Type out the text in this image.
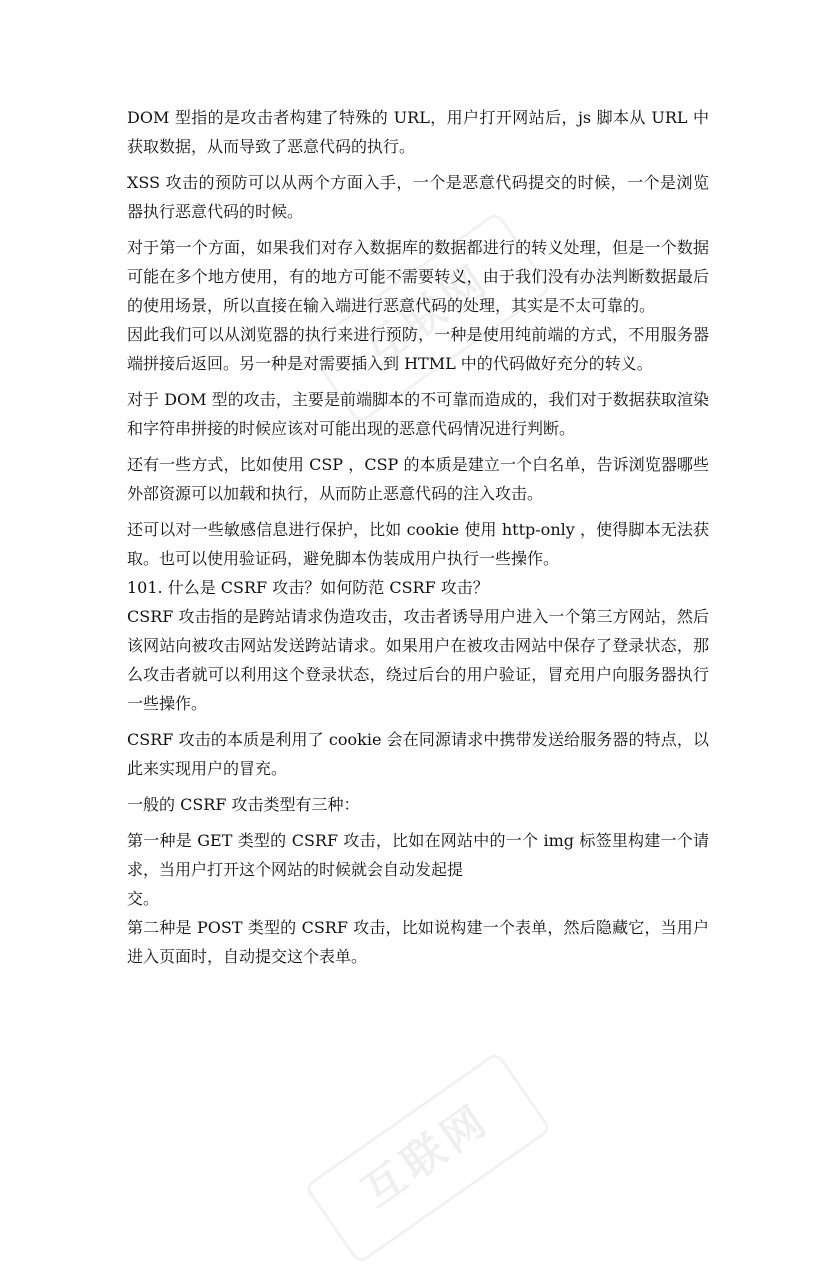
互联网
互联网

DOM 型指的是攻击者构建了特殊的 URL，用户打开网站后，js 脚本从 URL 中获取数据，从而导致了恶意代码的执行。

XSS 攻击的预防可以从两个方面入手，一个是恶意代码提交的时候，一个是浏览器执行恶意代码的时候。

对于第一个方面，如果我们对存入数据库的数据都进行的转义处理，但是一个数据可能在多个地方使用，有的地方可能不需要转义，由于我们没有办法判断数据最后的使用场景，所以直接在输入端进行恶意代码的处理，其实是不太可靠的。

因此我们可以从浏览器的执行来进行预防，一种是使用纯前端的方式，不用服务器端拼接后返回。另一种是对需要插入到 HTML 中的代码做好充分的转义。

对于 DOM 型的攻击，主要是前端脚本的不可靠而造成的，我们对于数据获取渲染和字符串拼接的时候应该对可能出现的恶意代码情况进行判断。

还有一些方式，比如使用 CSP ，CSP 的本质是建立一个白名单，告诉浏览器哪些外部资源可以加载和执行，从而防止恶意代码的注入攻击。

还可以对一些敏感信息进行保护，比如 cookie 使用 http-only ，使得脚本无法获取。也可以使用验证码，避免脚本伪装成用户执行一些操作。

101. 什么是 CSRF 攻击？如何防范 CSRF 攻击？

CSRF 攻击指的是跨站请求伪造攻击，攻击者诱导用户进入一个第三方网站，然后该网站向被攻击网站发送跨站请求。如果用户在被攻击网站中保存了登录状态，那么攻击者就可以利用这个登录状态，绕过后台的用户验证，冒充用户向服务器执行一些操作。

CSRF 攻击的本质是利用了 cookie 会在同源请求中携带发送给服务器的特点，以此来实现用户的冒充。

一般的 CSRF 攻击类型有三种：

第一种是 GET 类型的 CSRF 攻击，比如在网站中的一个 img 标签里构建一个请求，当用户打开这个网站的时候就会自动发起提

交。

第二种是 POST 类型的 CSRF 攻击，比如说构建一个表单，然后隐藏它，当用户进入页面时，自动提交这个表单。
